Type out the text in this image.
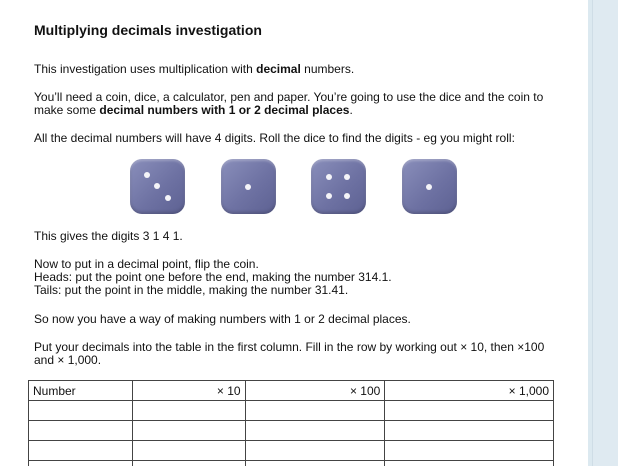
Multiplying decimals investigation

This investigation uses multiplication with decimal numbers.

You’ll need a coin, dice, a calculator, pen and paper. You’re going to use the dice and the coin to make some decimal numbers with 1 or 2 decimal places.

All the decimal numbers will have 4 digits. Roll the dice to find the digits - eg you might roll:

This gives the digits 3 1 4 1.

Now to put in a decimal point, flip the coin.

Heads: put the point one before the end, making the number 314.1.

Tails: put the point in the middle, making the number 31.41.

So now you have a way of making numbers with 1 or 2 decimal places.

Put your decimals into the table in the first column. Fill in the row by working out × 10, then ×100 and × 1,000.

Number	× 10	× 100	× 1,000
